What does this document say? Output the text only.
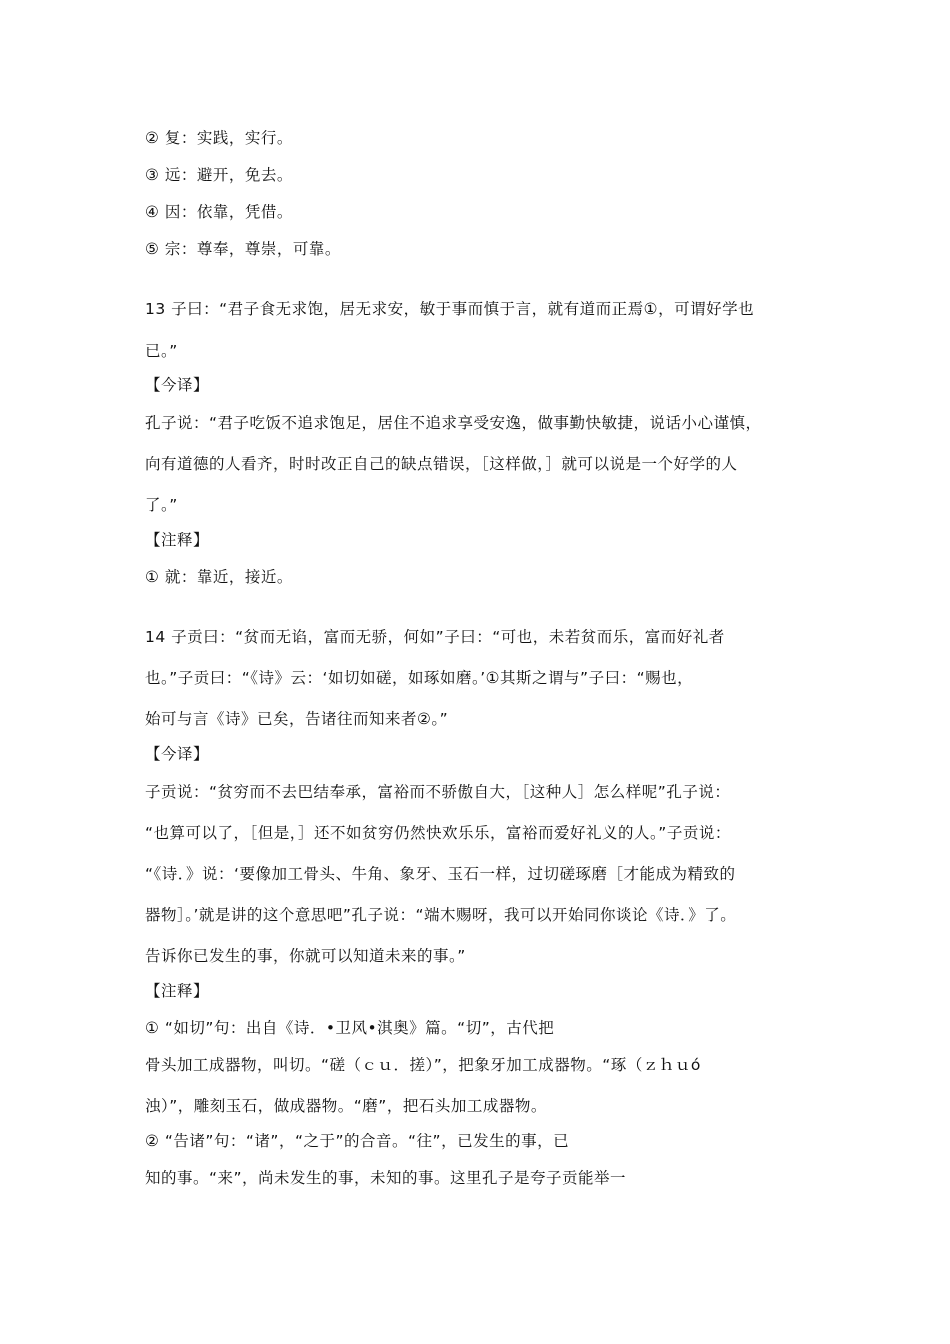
② 复：实践，实行。
③ 远：避开，免去。
④ 因：依靠，凭借。
⑤ 宗：尊奉，尊崇，可靠。
13 子曰：“君子食无求饱，居无求安，敏于事而慎于言，就有道而正焉①，可谓好学也
已。”
【今译】
孔子说：“君子吃饭不追求饱足，居住不追求享受安逸，做事勤快敏捷，说话小心谨慎，
向有道德的人看齐，时时改正自己的缺点错误，［这样做，］就可以说是一个好学的人
了。”
【注释】
① 就：靠近，接近。
14 子贡曰：“贫而无谄，富而无骄，何如”子曰：“可也，未若贫而乐，富而好礼者
也。”子贡曰：“《诗》云：‘如切如磋，如琢如磨。’①其斯之谓与”子曰：“赐也，
始可与言《诗》已矣，告诸往而知来者②。”
【今译】
子贡说：“贫穷而不去巴结奉承，富裕而不骄傲自大，［这种人］怎么样呢”孔子说：
“也算可以了，［但是，］还不如贫穷仍然快欢乐乐，富裕而爱好礼义的人。”子贡说：
“《诗．》说：‘要像加工骨头、牛角、象牙、玉石一样，过切磋琢磨［才能成为精致的
器物］。’就是讲的这个意思吧”孔子说：“端木赐呀，我可以开始同你谈论《诗．》了。
告诉你已发生的事，你就可以知道未来的事。”
【注释】
① “如切”句：出自《诗．•卫风•淇奥》篇。“切”，古代把
骨头加工成器物，叫切。“磋（ｃｕ．搓）”，把象牙加工成器物。“琢（ｚｈｕó
浊）”，雕刻玉石，做成器物。“磨”，把石头加工成器物。
② “告诸”句：“诸”，“之于”的合音。“往”，已发生的事，已
知的事。“来”，尚未发生的事，未知的事。这里孔子是夸子贡能举一
